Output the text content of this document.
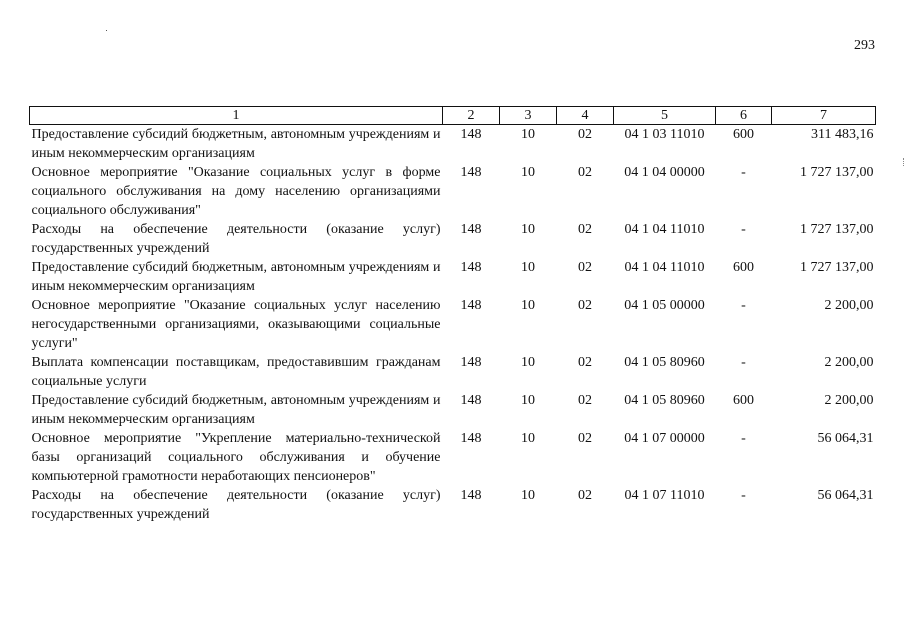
293
1	2	3	4	5	6	7
Предоставление субсидий бюджетным, автономным учреждениям и иным некоммерческим организациям	148	10	02	04 1 03 11010	600	311 483,16
Основное мероприятие "Оказание социальных услуг в форме социального обслуживания на дому населению организациями социального обслуживания"	148	10	02	04 1 04 00000	-	1 727 137,00
Расходы на обеспечение деятельности (оказание услуг) государственных учреждений	148	10	02	04 1 04 11010	-	1 727 137,00
Предоставление субсидий бюджетным, автономным учреждениям и иным некоммерческим организациям	148	10	02	04 1 04 11010	600	1 727 137,00
Основное мероприятие "Оказание социальных услуг населению негосударственными организациями, оказывающими социальные услуги"	148	10	02	04 1 05 00000	-	2 200,00
Выплата компенсации поставщикам, предоставившим гражданам социальные услуги	148	10	02	04 1 05 80960	-	2 200,00
Предоставление субсидий бюджетным, автономным учреждениям и иным некоммерческим организациям	148	10	02	04 1 05 80960	600	2 200,00
Основное мероприятие "Укрепление материально-технической базы организаций социального обслуживания и обучение компьютерной грамотности неработающих пенсионеров"	148	10	02	04 1 07 00000	-	56 064,31
Расходы на обеспечение деятельности (оказание услуг) государственных учреждений	148	10	02	04 1 07 11010	-	56 064,31
